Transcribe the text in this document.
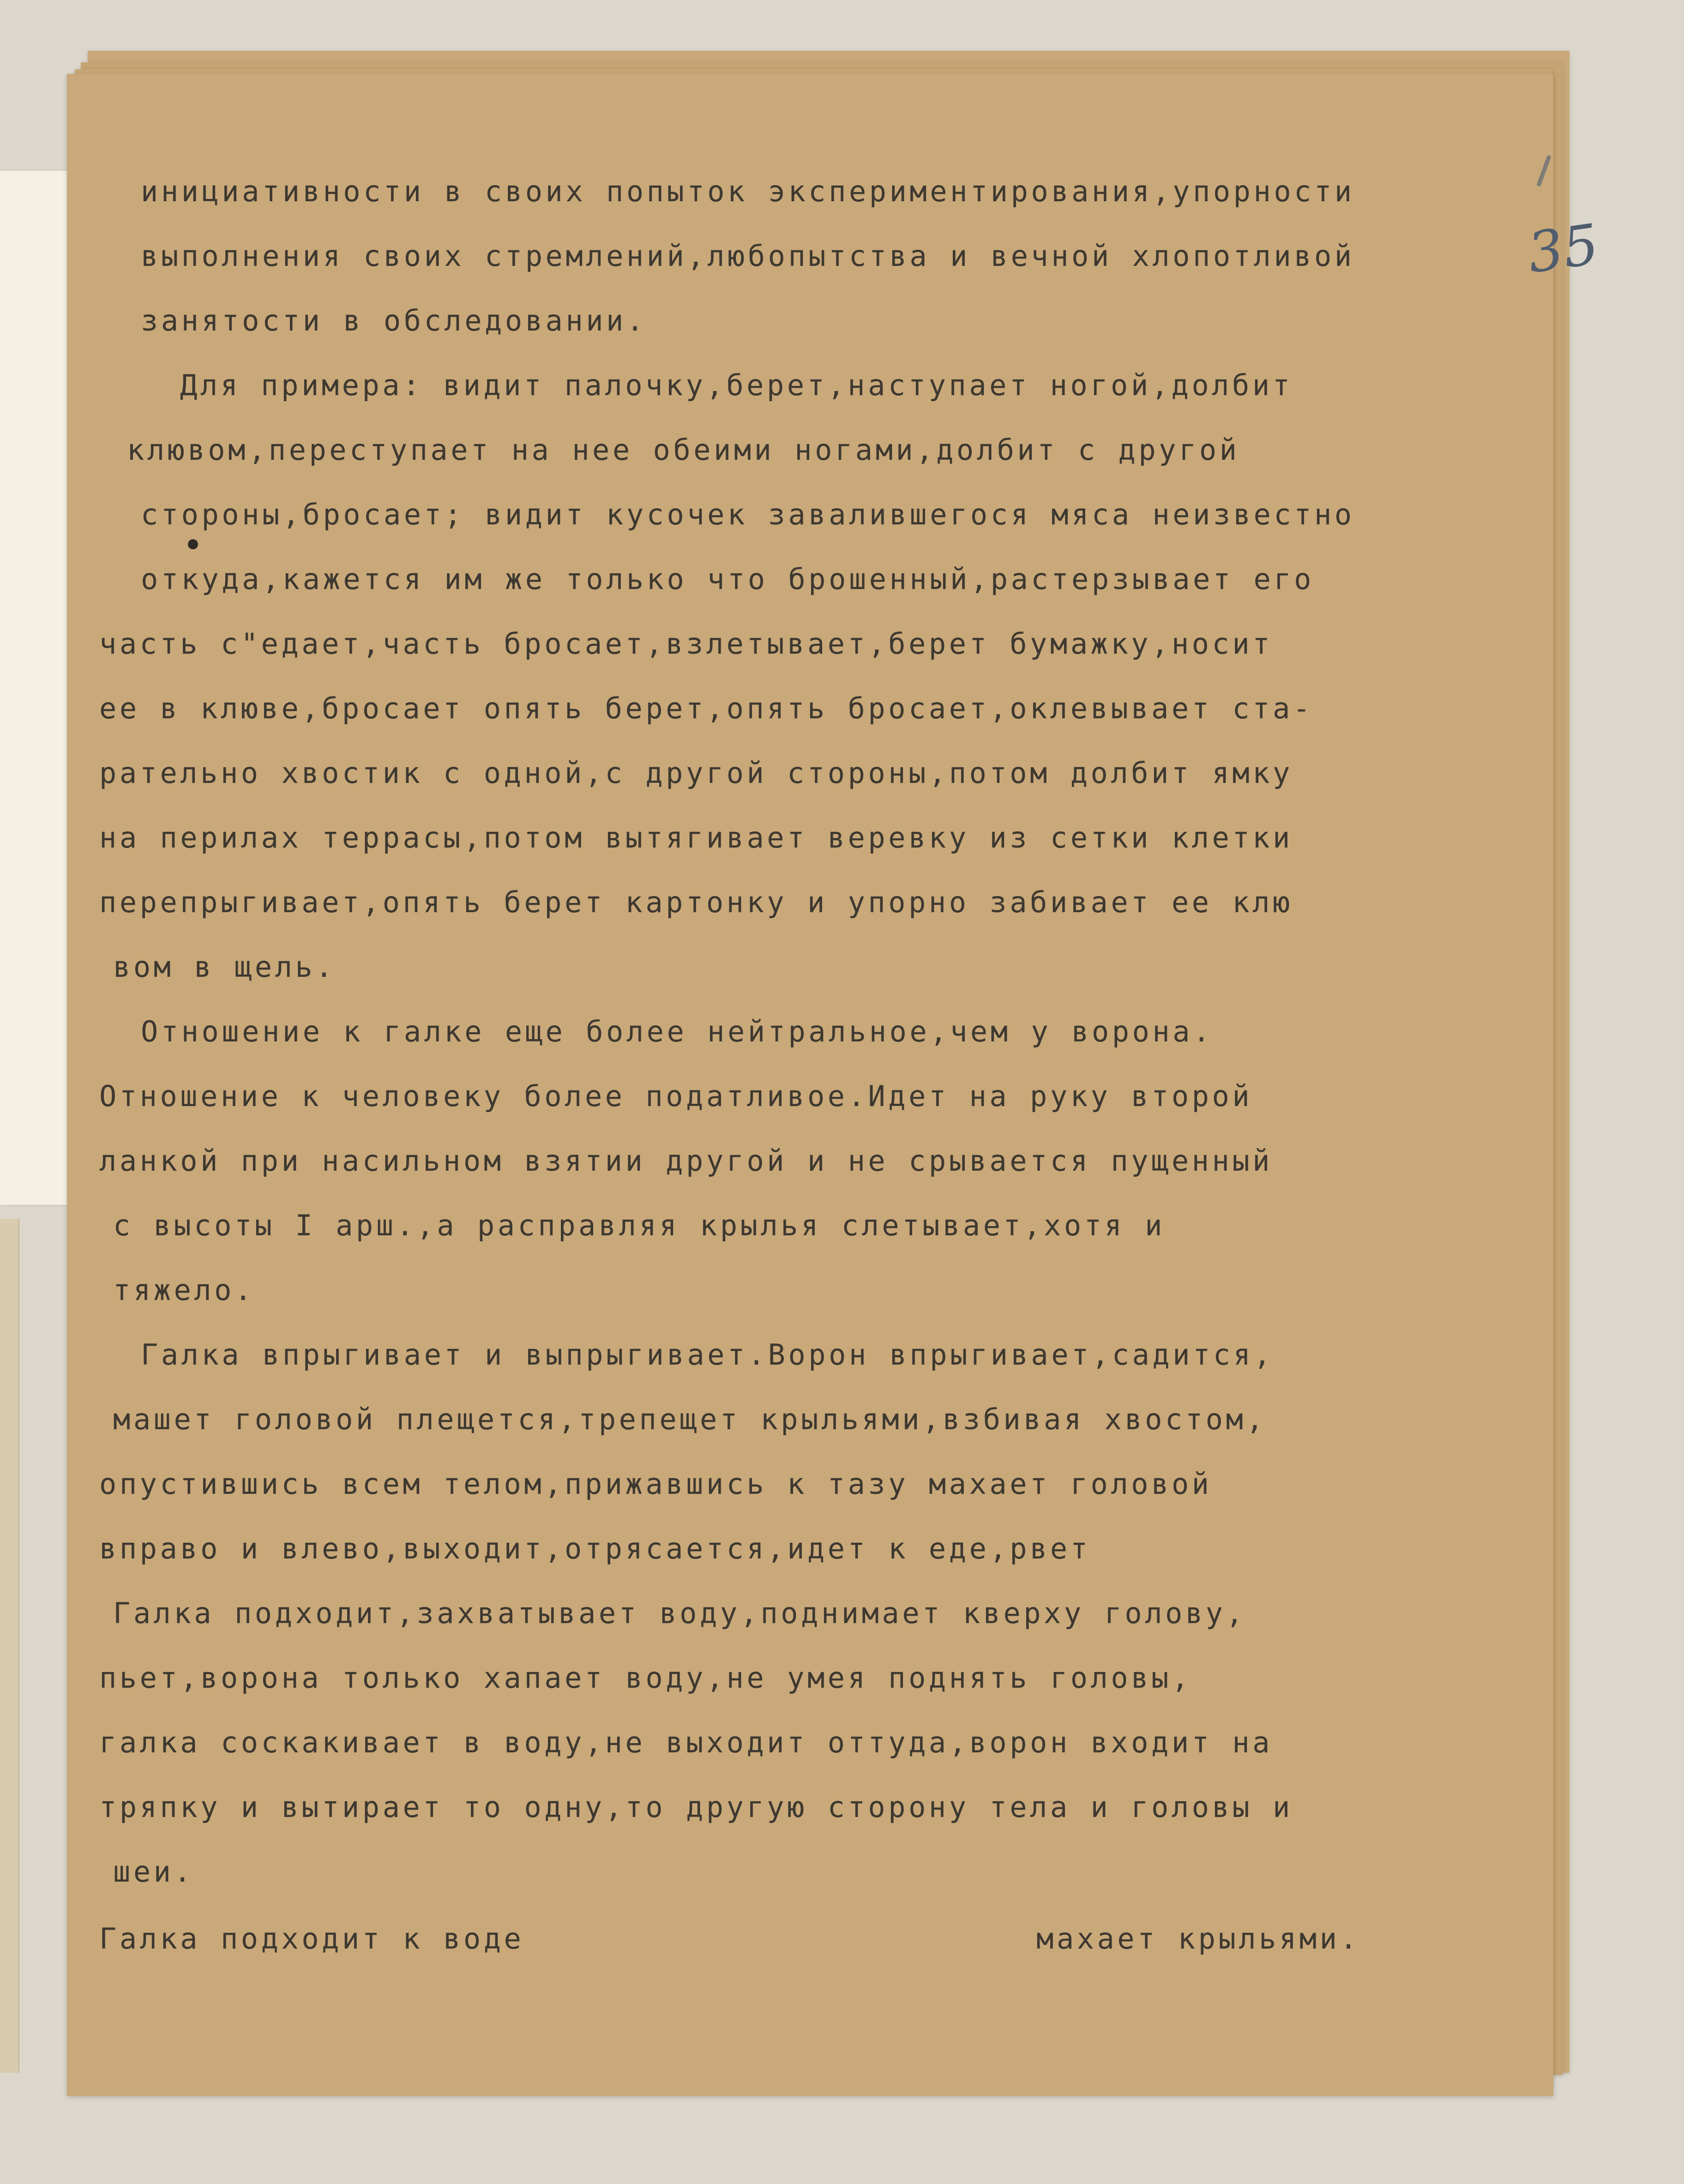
35

инициативности в своих попыток экспериментирования,упорности

выполнения своих стремлений,любопытства и вечной хлопотливой

занятости в обследовании.

Для примера: видит палочку,берет,наступает ногой,долбит

клювом,переступает на нее обеими ногами,долбит с другой

стороны,бросает; видит кусочек завалившегося мяса неизвестно

откуда,кажется им же только что брошенный,растерзывает его

часть с"едает,часть бросает,взлетывает,берет бумажку,носит

ее в клюве,бросает опять берет,опять бросает,оклевывает ста-

рательно хвостик с одной,с другой стороны,потом долбит ямку

на перилах террасы,потом вытягивает веревку из сетки клетки

перепрыгивает,опять берет картонку и упорно забивает ее клю

вом в щель.

Отношение к галке еще более нейтральное,чем у ворона.

Отношение к человеку более податливое.Идет на руку второй

ланкой при насильном взятии другой и не срывается пущенный

с высоты I арш.,а расправляя крылья слетывает,хотя и

тяжело.

Галка впрыгивает и выпрыгивает.Ворон впрыгивает,садится,

машет головой плещется,трепещет крыльями,взбивая хвостом,

опустившись всем телом,прижавшись к тазу махает головой

вправо и влево,выходит,отрясается,идет к еде,рвет

Галка подходит,захватывает воду,поднимает кверху голову,

пьет,ворона только хапает воду,не умея поднять головы,

галка соскакивает в воду,не выходит оттуда,ворон входит на

тряпку и вытирает то одну,то другую сторону тела и головы и

шеи.

Галка подходит к воде	махает крыльями.
